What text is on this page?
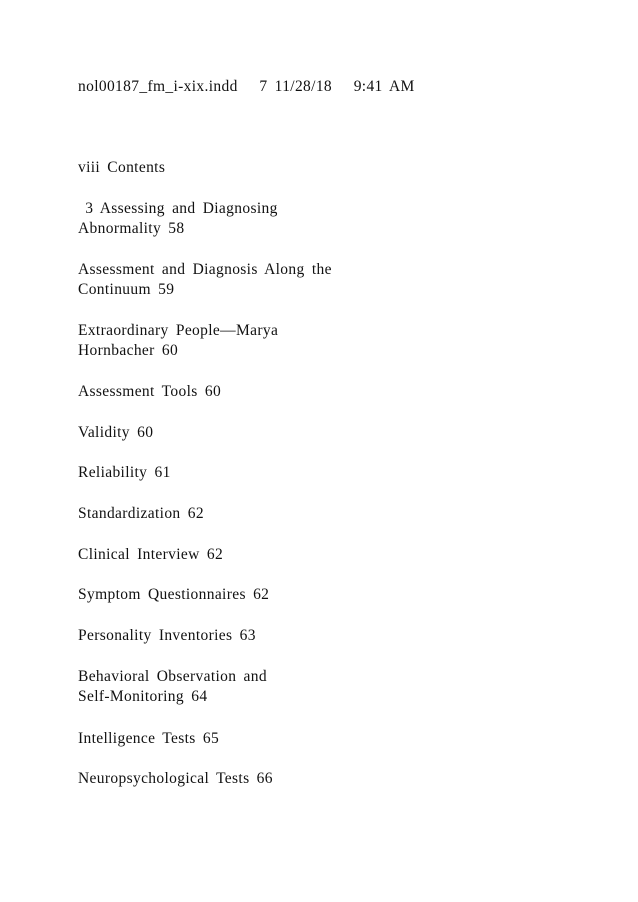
nol00187_fm_i-xix.indd   7 11/28/18   9:41 AM
viii Contents
3 Assessing and Diagnosing
Abnormality 58
Assessment and Diagnosis Along the
Continuum 59
Extraordinary People—Marya
Hornbacher 60
Assessment Tools 60
Validity 60
Reliability 61
Standardization 62
Clinical Interview 62
Symptom Questionnaires 62
Personality Inventories 63
Behavioral Observation and
Self-Monitoring 64
Intelligence Tests 65
Neuropsychological Tests 66
